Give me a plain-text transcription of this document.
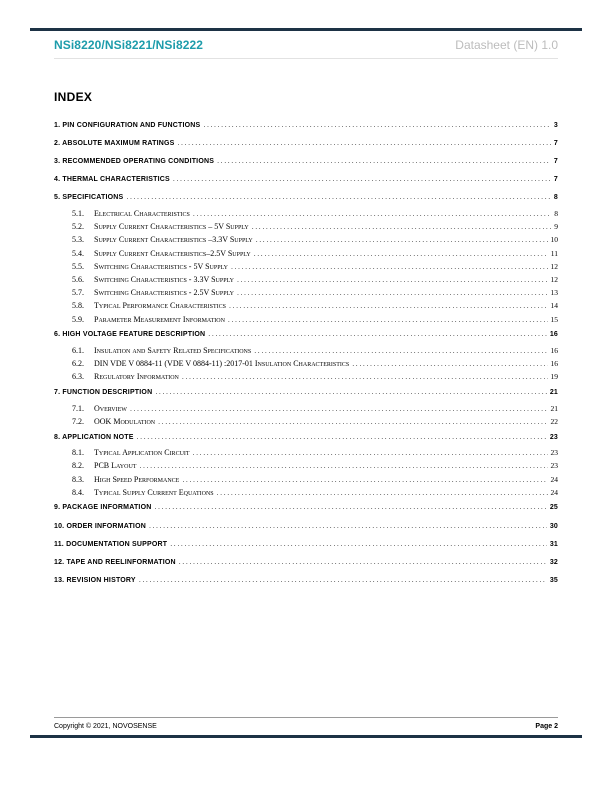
NSi8220/NSi8221/NSi8222	Datasheet (EN) 1.0
INDEX
1. PIN CONFIGURATION AND FUNCTIONS .....	3
2. ABSOLUTE MAXIMUM RATINGS .....	7
3. RECOMMENDED OPERATING CONDITIONS .....	7
4. THERMAL CHARACTERISTICS .....	7
5. SPECIFICATIONS .....	8
5.1.	Electrical Characteristics .....	8
5.2.	Supply Current Characteristics – 5V Supply .....	9
5.3.	Supply Current Characteristics –3.3V Supply .....	10
5.4.	Supply Current Characteristics–2.5V Supply .....	11
5.5.	Switching Characteristics - 5V Supply .....	12
5.6.	Switching Characteristics - 3.3V Supply .....	12
5.7.	Switching Characteristics - 2.5V Supply .....	13
5.8.	Typical Performance Characteristics .....	14
5.9.	Parameter Measurement Information .....	15
6. HIGH VOLTAGE FEATURE DESCRIPTION .....	16
6.1.	Insulation and Safety Related Specifications .....	16
6.2.	DIN VDE V 0884-11 (VDE V 0884-11) :2017-01 Insulation Characteristics .....	16
6.3.	Regulatory Information .....	19
7. FUNCTION DESCRIPTION .....	21
7.1.	Overview .....	21
7.2.	OOK Modulation .....	22
8. APPLICATION NOTE .....	23
8.1.	Typical Application Circuit .....	23
8.2.	PCB Layout .....	23
8.3.	High Speed Performance .....	24
8.4.	Typical Supply Current Equations .....	24
9. PACKAGE INFORMATION .....	25
10. ORDER INFORMATION .....	30
11. DOCUMENTATION SUPPORT .....	31
12. TAPE AND REELINFORMATION .....	32
13. REVISION HISTORY .....	35
Copyright © 2021, NOVOSENSE	Page 2
